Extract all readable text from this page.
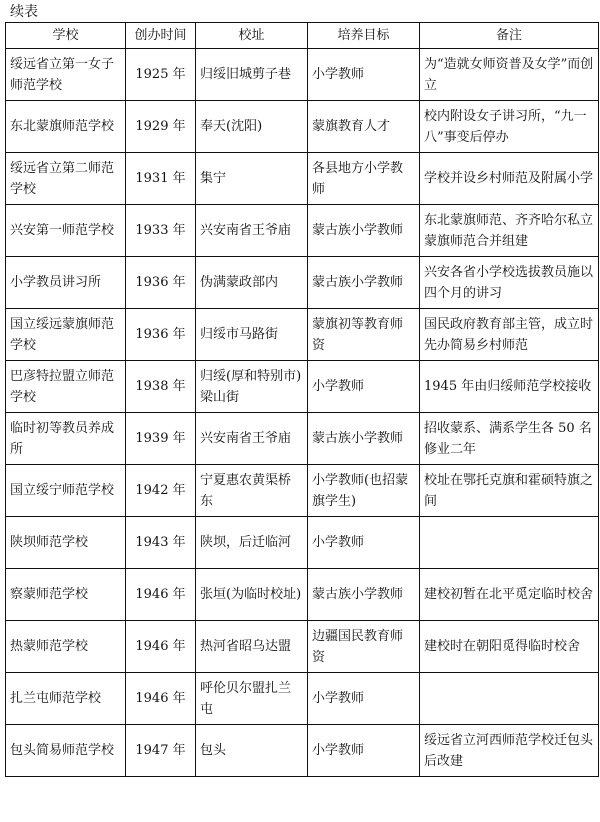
续表
学校	创办时间	校址	培养目标	备注
绥远省立第一女子师范学校	1925 年	归绥旧城剪子巷	小学教师	为“造就女师资普及女学”而创立
东北蒙旗师范学校	1929 年	奉天(沈阳)	蒙旗教育人才	校内附设女子讲习所，“九一八”事变后停办
绥远省立第二师范学校	1931 年	集宁	各县地方小学教师	学校并设乡村师范及附属小学
兴安第一师范学校	1933 年	兴安南省王爷庙	蒙古族小学教师	东北蒙旗师范、齐齐哈尔私立蒙旗师范合并组建
小学教员讲习所	1936 年	伪满蒙政部内	蒙古族小学教师	兴安各省小学校选拔教员施以四个月的讲习
国立绥远蒙旗师范学校	1936 年	归绥市马路街	蒙旗初等教育师资	国民政府教育部主管，成立时先办简易乡村师范
巴彦特拉盟立师范学校	1938 年	归绥(厚和特别市)梁山街	小学教师	1945 年由归绥师范学校接收
临时初等教员养成所	1939 年	兴安南省王爷庙	蒙古族小学教师	招收蒙系、满系学生各 50 名修业二年
国立绥宁师范学校	1942 年	宁夏惠农黄渠桥东	小学教师(也招蒙旗学生)	校址在鄂托克旗和霍硕特旗之间
陕坝师范学校	1943 年	陕坝，后迁临河	小学教师	
察蒙师范学校	1946 年	张垣(为临时校址)	蒙古族小学教师	建校初暂在北平觅定临时校舍
热蒙师范学校	1946 年	热河省昭乌达盟	边疆国民教育师资	建校时在朝阳觅得临时校舍
扎兰屯师范学校	1946 年	呼伦贝尔盟扎兰屯	小学教师	
包头简易师范学校	1947 年	包头	小学教师	绥远省立河西师范学校迁包头后改建
